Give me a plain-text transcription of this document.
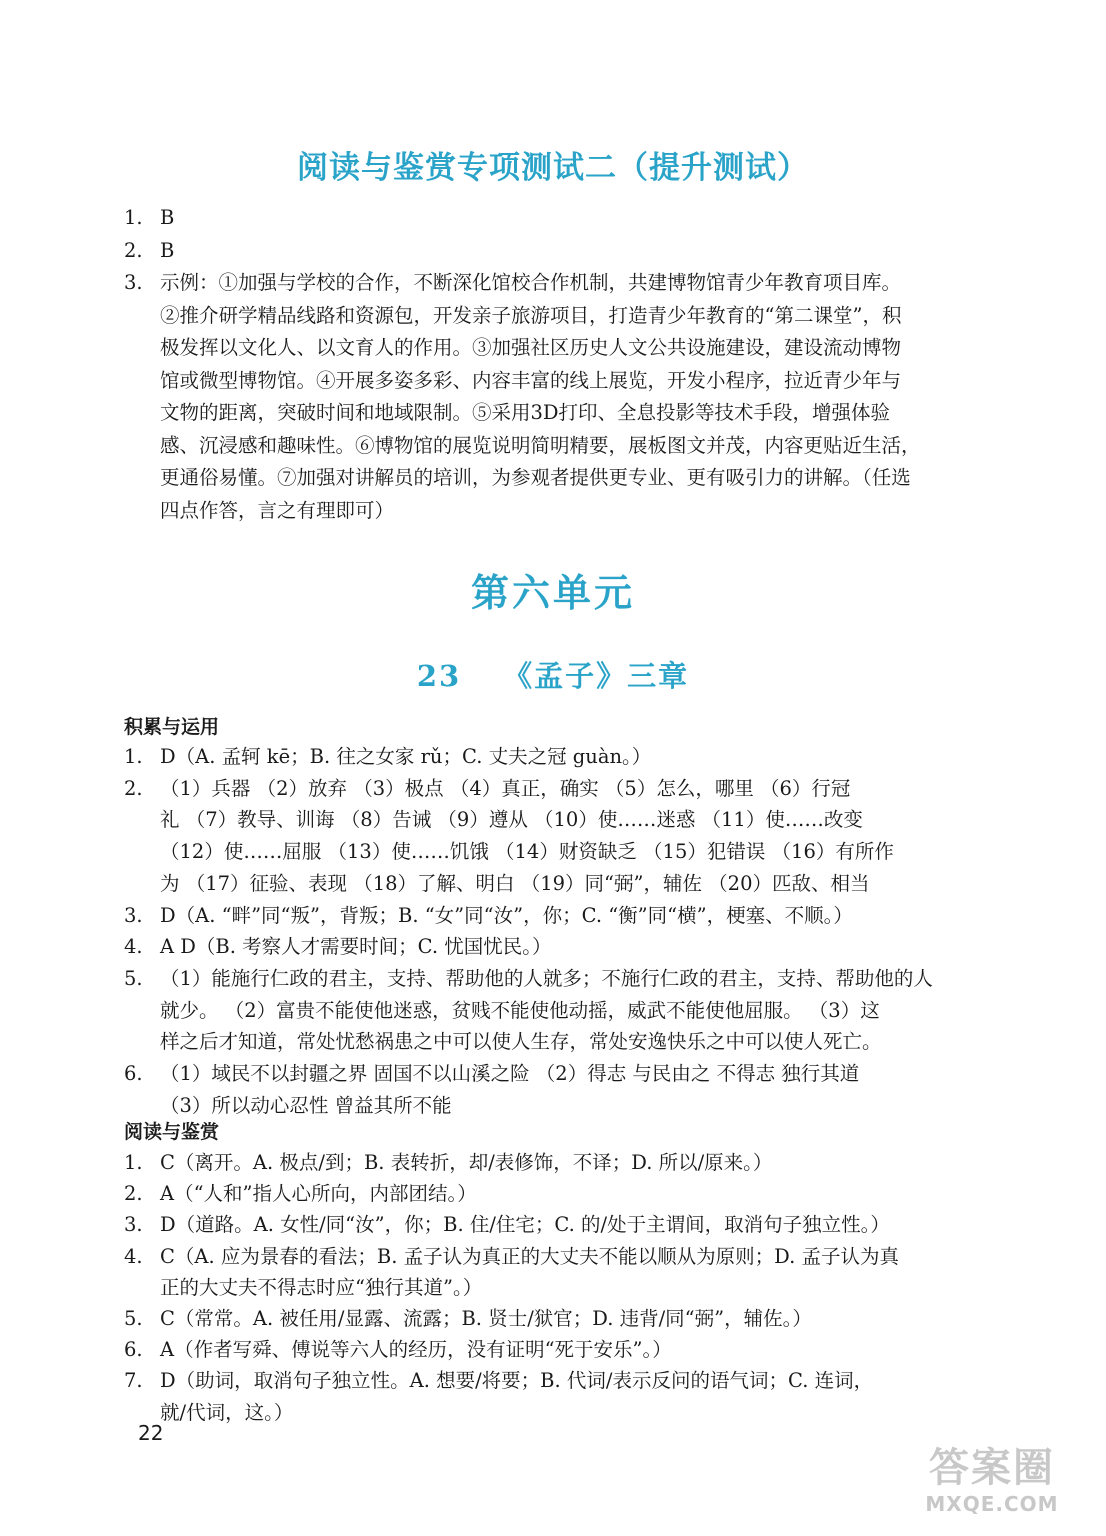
阅读与鉴赏专项测试二（提升测试）
第六单元
23 《孟子》三章
积累与运用
阅读与鉴赏
1. B
2. B
3. 示例：①加强与学校的合作，不断深化馆校合作机制，共建博物馆青少年教育项目库。
②推介研学精品线路和资源包，开发亲子旅游项目，打造青少年教育的“第二课堂”，积
极发挥以文化人、以文育人的作用。③加强社区历史人文公共设施建设，建设流动博物
馆或微型博物馆。④开展多姿多彩、内容丰富的线上展览，开发小程序，拉近青少年与
文物的距离，突破时间和地域限制。⑤采用3D打印、全息投影等技术手段，增强体验
感、沉浸感和趣味性。⑥博物馆的展览说明简明精要，展板图文并茂，内容更贴近生活，
更通俗易懂。⑦加强对讲解员的培训，为参观者提供更专业、更有吸引力的讲解。（任选
四点作答，言之有理即可）
1. D（A. 孟轲 kē；B. 往之女家 rǔ；C. 丈夫之冠 guàn。）
2. （1）兵器 （2）放弃 （3）极点 （4）真正，确实 （5）怎么，哪里 （6）行冠
礼 （7）教导、训诲 （8）告诫 （9）遵从 （10）使……迷惑 （11）使……改变
（12）使……屈服 （13）使……饥饿 （14）财资缺乏 （15）犯错误 （16）有所作
为 （17）征验、表现 （18）了解、明白 （19）同“弼”，辅佐 （20）匹敌、相当
3. D（A. “畔”同“叛”，背叛；B. “女”同“汝”，你；C. “衡”同“横”，梗塞、不顺。）
4. A D（B. 考察人才需要时间；C. 忧国忧民。）
5. （1）能施行仁政的君主，支持、帮助他的人就多；不施行仁政的君主，支持、帮助他的人
就少。 （2）富贵不能使他迷惑，贫贱不能使他动摇，威武不能使他屈服。 （3）这
样之后才知道，常处忧愁祸患之中可以使人生存，常处安逸快乐之中可以使人死亡。
6. （1）域民不以封疆之界 固国不以山溪之险 （2）得志 与民由之 不得志 独行其道
（3）所以动心忍性 曾益其所不能
1. C（离开。A. 极点/到；B. 表转折，却/表修饰，不译；D. 所以/原来。）
2. A（“人和”指人心所向，内部团结。）
3. D（道路。A. 女性/同“汝”，你；B. 住/住宅；C. 的/处于主谓间，取消句子独立性。）
4. C（A. 应为景春的看法；B. 孟子认为真正的大丈夫不能以顺从为原则；D. 孟子认为真
正的大丈夫不得志时应“独行其道”。）
5. C（常常。A. 被任用/显露、流露；B. 贤士/狱官；D. 违背/同“弼”，辅佐。）
6. A（作者写舜、傅说等六人的经历，没有证明“死于安乐”。）
7. D（助词，取消句子独立性。A. 想要/将要；B. 代词/表示反问的语气词；C. 连词，
就/代词，这。）
22
答案圈
MXQE.COM
